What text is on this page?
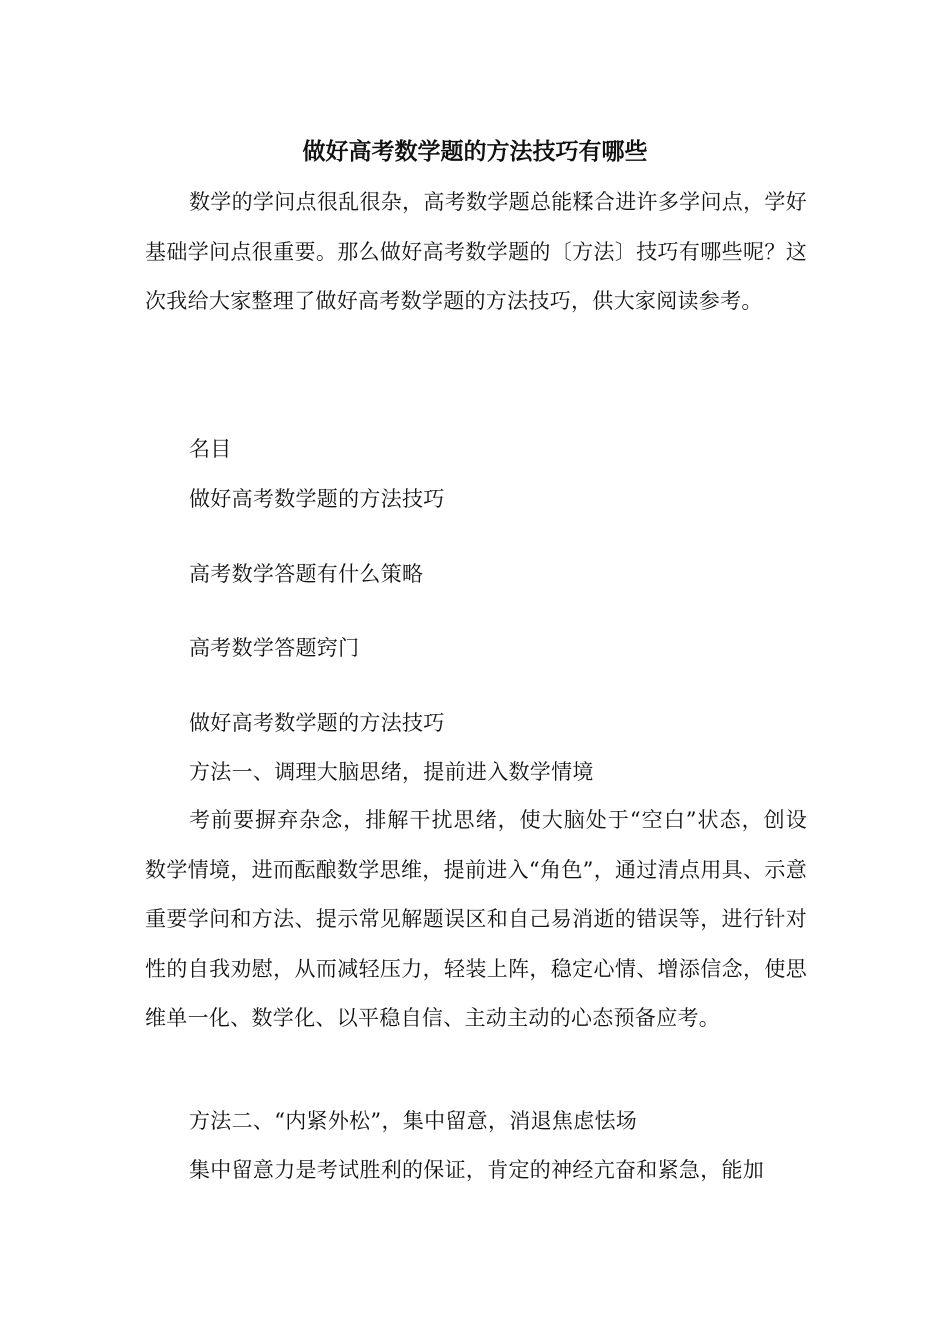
做好高考数学题的方法技巧有哪些

数学的学问点很乱很杂，高考数学题总能糅合进许多学问点，学好基础学问点很重要。那么做好高考数学题的〔方法〕技巧有哪些呢？这次我给大家整理了做好高考数学题的方法技巧，供大家阅读参考。

名目
做好高考数学题的方法技巧
高考数学答题有什么策略
高考数学答题窍门
做好高考数学题的方法技巧
方法一、调理大脑思绪，提前进入数学情境

考前要摒弃杂念，排解干扰思绪，使大脑处于“空白”状态，创设数学情境，进而酝酿数学思维，提前进入“角色”，通过清点用具、示意重要学问和方法、提示常见解题误区和自己易消逝的错误等，进行针对性的自我劝慰，从而减轻压力，轻装上阵，稳定心情、增添信念，使思维单一化、数学化、以平稳自信、主动主动的心态预备应考。

方法二、“内紧外松”，集中留意，消退焦虑怯场

集中留意力是考试胜利的保证，肯定的神经亢奋和紧急，能加
